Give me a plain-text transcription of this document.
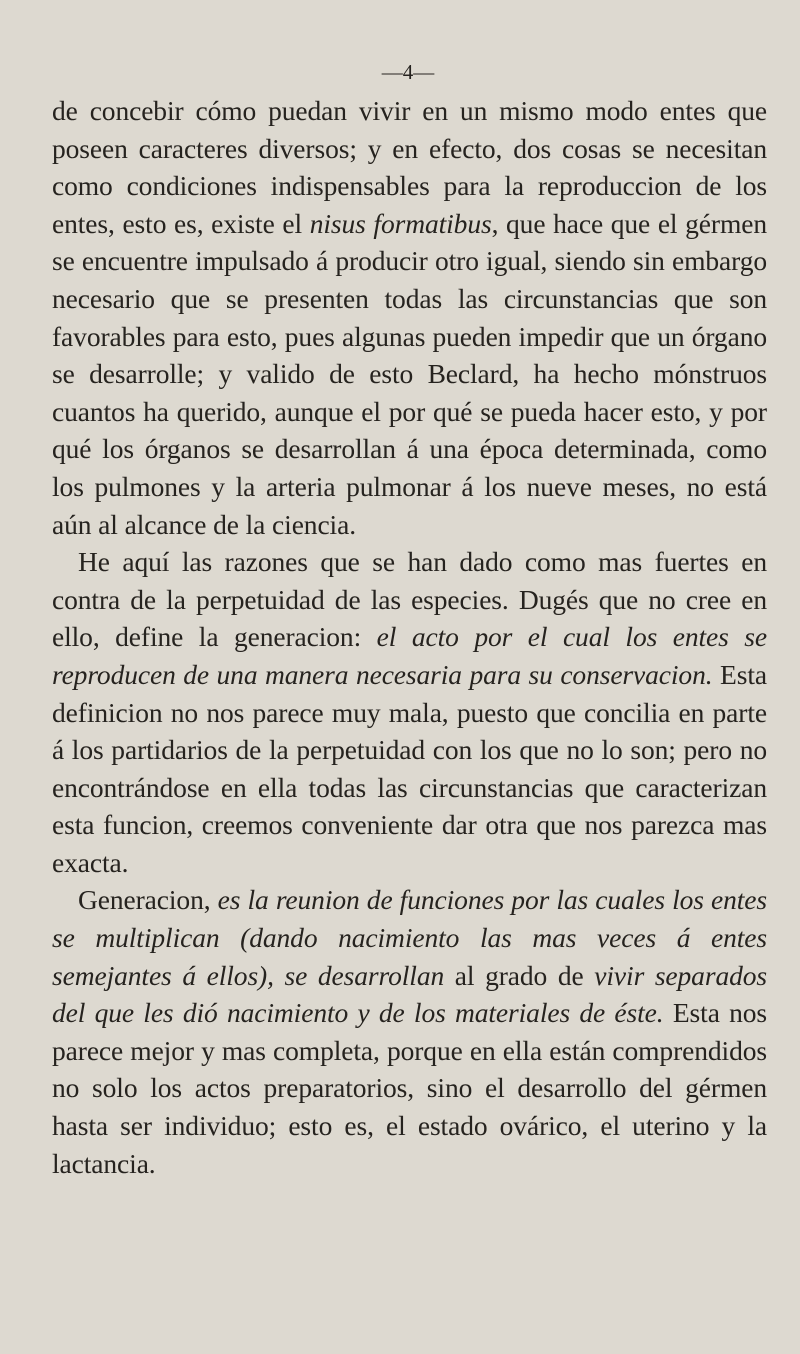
—4—

de concebir cómo puedan vivir en un mismo modo entes que poseen caracteres diversos; y en efecto, dos cosas se necesitan como condiciones indispensables para la reproduccion de los entes, esto es, existe el nisus formatibus, que hace que el gérmen se encuentre impulsado á producir otro igual, siendo sin embargo necesario que se presenten todas las circunstancias que son favorables para esto, pues algunas pueden impedir que un órgano se desarrolle; y valido de esto Beclard, ha hecho mónstruos cuantos ha querido, aunque el por qué se pueda hacer esto, y por qué los órganos se desarrollan á una época determinada, como los pulmones y la arteria pulmonar á los nueve meses, no está aún al alcance de la ciencia.

He aquí las razones que se han dado como mas fuertes en contra de la perpetuidad de las especies. Dugés que no cree en ello, define la generacion: el acto por el cual los entes se reproducen de una manera necesaria para su conservacion. Esta definicion no nos parece muy mala, puesto que concilia en parte á los partidarios de la perpetuidad con los que no lo son; pero no encontrándose en ella todas las circunstancias que caracterizan esta funcion, creemos conveniente dar otra que nos parezca mas exacta.

Generacion, es la reunion de funciones por las cuales los entes se multiplican (dando nacimiento las mas veces á entes semejantes á ellos), se desarrollan al grado de vivir separados del que les dió nacimiento y de los materiales de éste. Esta nos parece mejor y mas completa, porque en ella están comprendidos no solo los actos preparatorios, sino el desarrollo del gérmen hasta ser individuo; esto es, el estado ovárico, el uterino y la lactancia.
